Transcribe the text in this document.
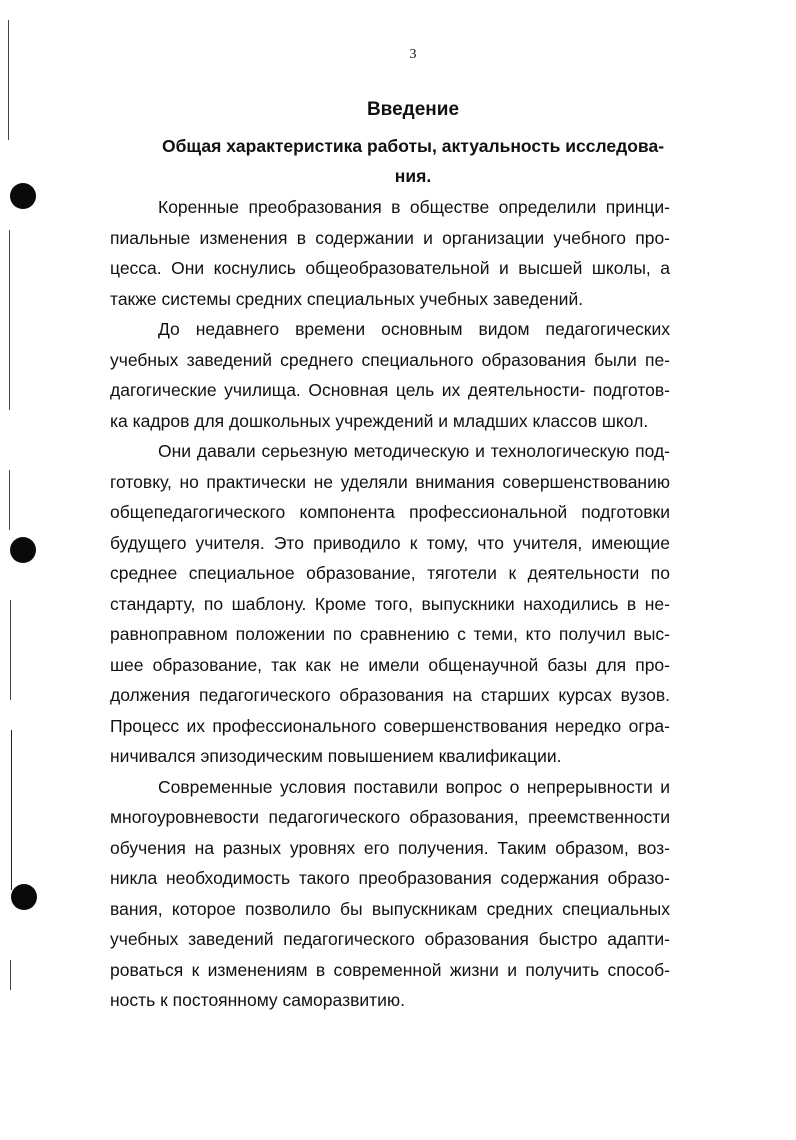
3
Введение
Общая характеристика работы, актуальность исследова-
ния.
Коренные преобразования в обществе определили принци-
пиальные изменения в содержании и организации учебного про-
цесса. Они коснулись общеобразовательной и высшей школы, а
также системы средних специальных учебных заведений.
До недавнего времени основным видом педагогических
учебных заведений среднего специального образования были пе-
дагогические училища. Основная цель их деятельности- подготов-
ка кадров для дошкольных учреждений и младших классов школ.
Они давали серьезную методическую и технологическую под-
готовку, но практически не уделяли внимания совершенствованию
общепедагогического компонента профессиональной подготовки
будущего учителя. Это приводило к тому, что учителя, имеющие
среднее специальное образование, тяготели к деятельности по
стандарту, по шаблону. Кроме того, выпускники находились в не-
равноправном положении по сравнению с теми, кто получил выс-
шее образование, так как не имели общенаучной базы для про-
должения педагогического образования на старших курсах вузов.
Процесс их профессионального совершенствования нередко огра-
ничивался эпизодическим повышением квалификации.
Современные условия поставили вопрос о непрерывности и
многоуровневости педагогического образования, преемственности
обучения на разных уровнях его получения. Таким образом, воз-
никла необходимость такого преобразования содержания образо-
вания, которое позволило бы выпускникам средних специальных
учебных заведений педагогического образования быстро адапти-
роваться к изменениям в современной жизни и получить способ-
ность к постоянному саморазвитию.
